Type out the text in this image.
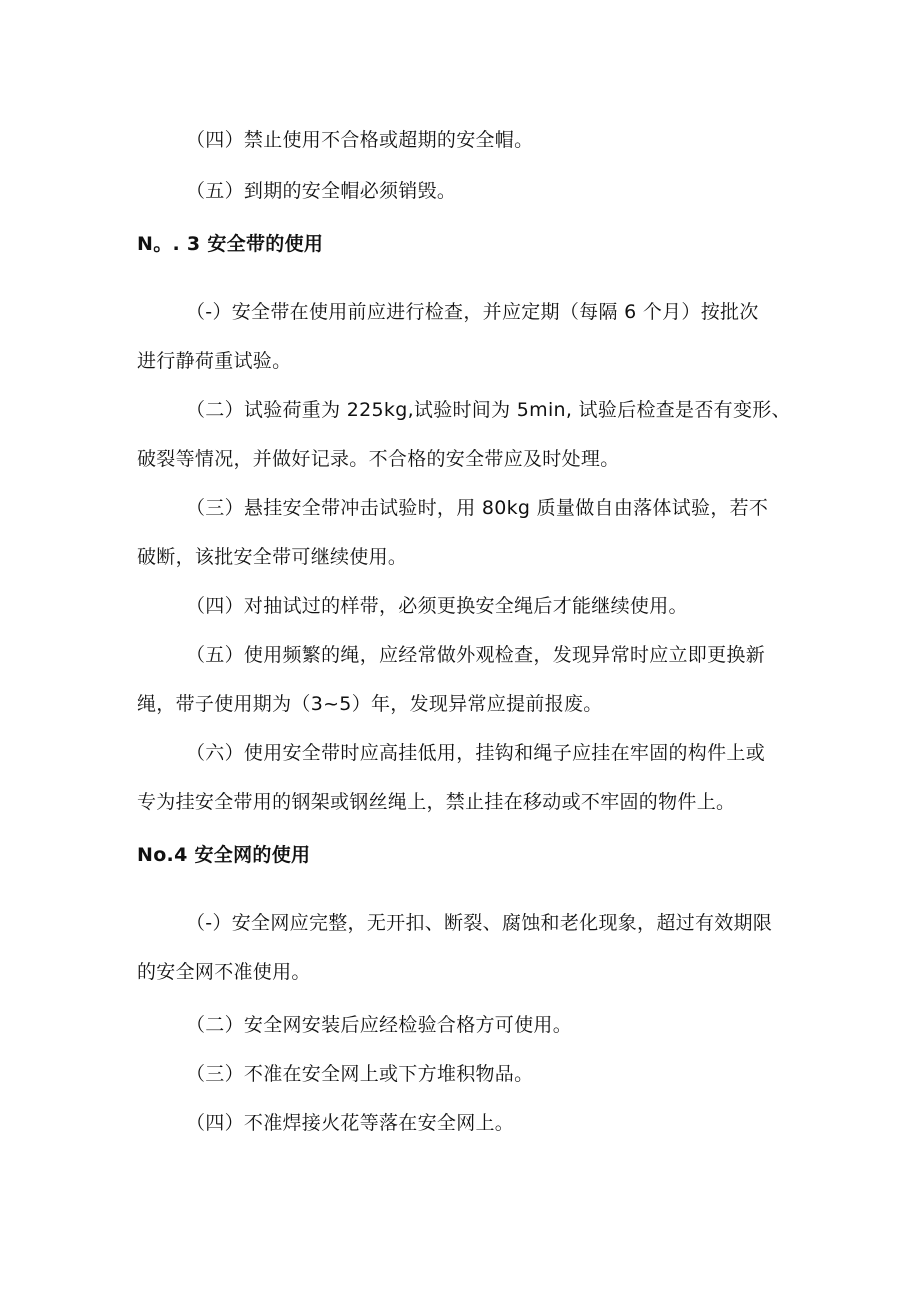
（四）禁止使用不合格或超期的安全帽。
（五）到期的安全帽必须销毁。
N。. 3 安全带的使用
（-）安全带在使用前应进行检查，并应定期（每隔 6 个月）按批次
进行静荷重试验。
（二）试验荷重为 225kg,试验时间为 5min, 试验后检查是否有变形、
破裂等情况，并做好记录。不合格的安全带应及时处理。
（三）悬挂安全带冲击试验时，用 80kg 质量做自由落体试验，若不
破断，该批安全带可继续使用。
（四）对抽试过的样带，必须更换安全绳后才能继续使用。
（五）使用频繁的绳，应经常做外观检查，发现异常时应立即更换新
绳，带子使用期为（3~5）年，发现异常应提前报废。
（六）使用安全带时应高挂低用，挂钩和绳子应挂在牢固的构件上或
专为挂安全带用的钢架或钢丝绳上，禁止挂在移动或不牢固的物件上。
No.4 安全网的使用
（-）安全网应完整，无开扣、断裂、腐蚀和老化现象，超过有效期限
的安全网不准使用。
（二）安全网安装后应经检验合格方可使用。
（三）不准在安全网上或下方堆积物品。
（四）不准焊接火花等落在安全网上。
